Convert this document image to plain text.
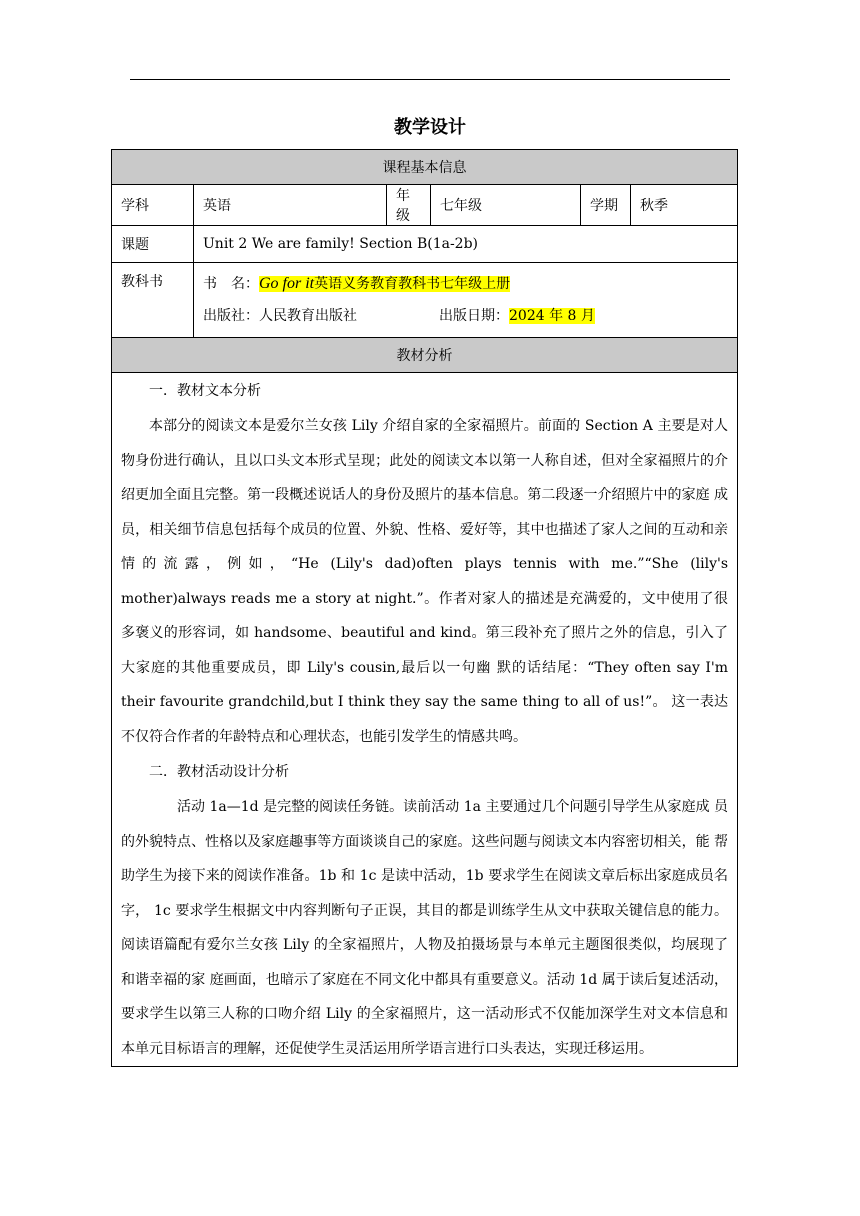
教学设计
课程基本信息					
学科	英语	年级	七年级	学期	秋季
课题	Unit 2 We are family! Section B(1a-2b)				
教科书	书　名：Go for it英语义务教育教科书七年级上册
出版社：人民教育出版社 出版日期：2024 年 8 月				

教材分析					

一．教材文本分析

本部分的阅读文本是爱尔兰女孩 Lily 介绍自家的全家福照片。前面的 Section A 主要是对人物身份进行确认，且以口头文本形式呈现；此处的阅读文本以第一人称自述，但对全家福照片的介绍更加全面且完整。第一段概述说话人的身份及照片的基本信息。第二段逐一介绍照片中的家庭 成员，相关细节信息包括每个成员的位置、外貌、性格、爱好等，其中也描述了家人之间的互动和亲情的流露，例如，“He (Lily's dad)often plays tennis with me.”“She (lily's mother)always reads me a story at night.”。作者对家人的描述是充满爱的，文中使用了很多褒义的形容词，如 handsome、beautiful and kind。第三段补充了照片之外的信息，引入了大家庭的其他重要成员，即 Lily's cousin,最后以一句幽 默的话结尾：“They often say I'm their favourite grandchild,but I think they say the same thing to all of us!”。 这一表达不仅符合作者的年龄特点和心理状态，也能引发学生的情感共鸣。

二．教材活动设计分析

活动 1a—1d 是完整的阅读任务链。读前活动 1a 主要通过几个问题引导学生从家庭成 员的外貌特点、性格以及家庭趣事等方面谈谈自己的家庭。这些问题与阅读文本内容密切相关，能 帮助学生为接下来的阅读作准备。1b 和 1c 是读中活动，1b 要求学生在阅读文章后标出家庭成员名字， 1c 要求学生根据文中内容判断句子正误，其目的都是训练学生从文中获取关键信息的能力。阅读语篇配有爱尔兰女孩 Lily 的全家福照片，人物及拍摄场景与本单元主题图很类似，均展现了和谐幸福的家 庭画面，也暗示了家庭在不同文化中都具有重要意义。活动 1d 属于读后复述活动，要求学生以第三人称的口吻介绍 Lily 的全家福照片，这一活动形式不仅能加深学生对文本信息和本单元目标语言的理解，还促使学生灵活运用所学语言进行口头表达，实现迁移运用。					
